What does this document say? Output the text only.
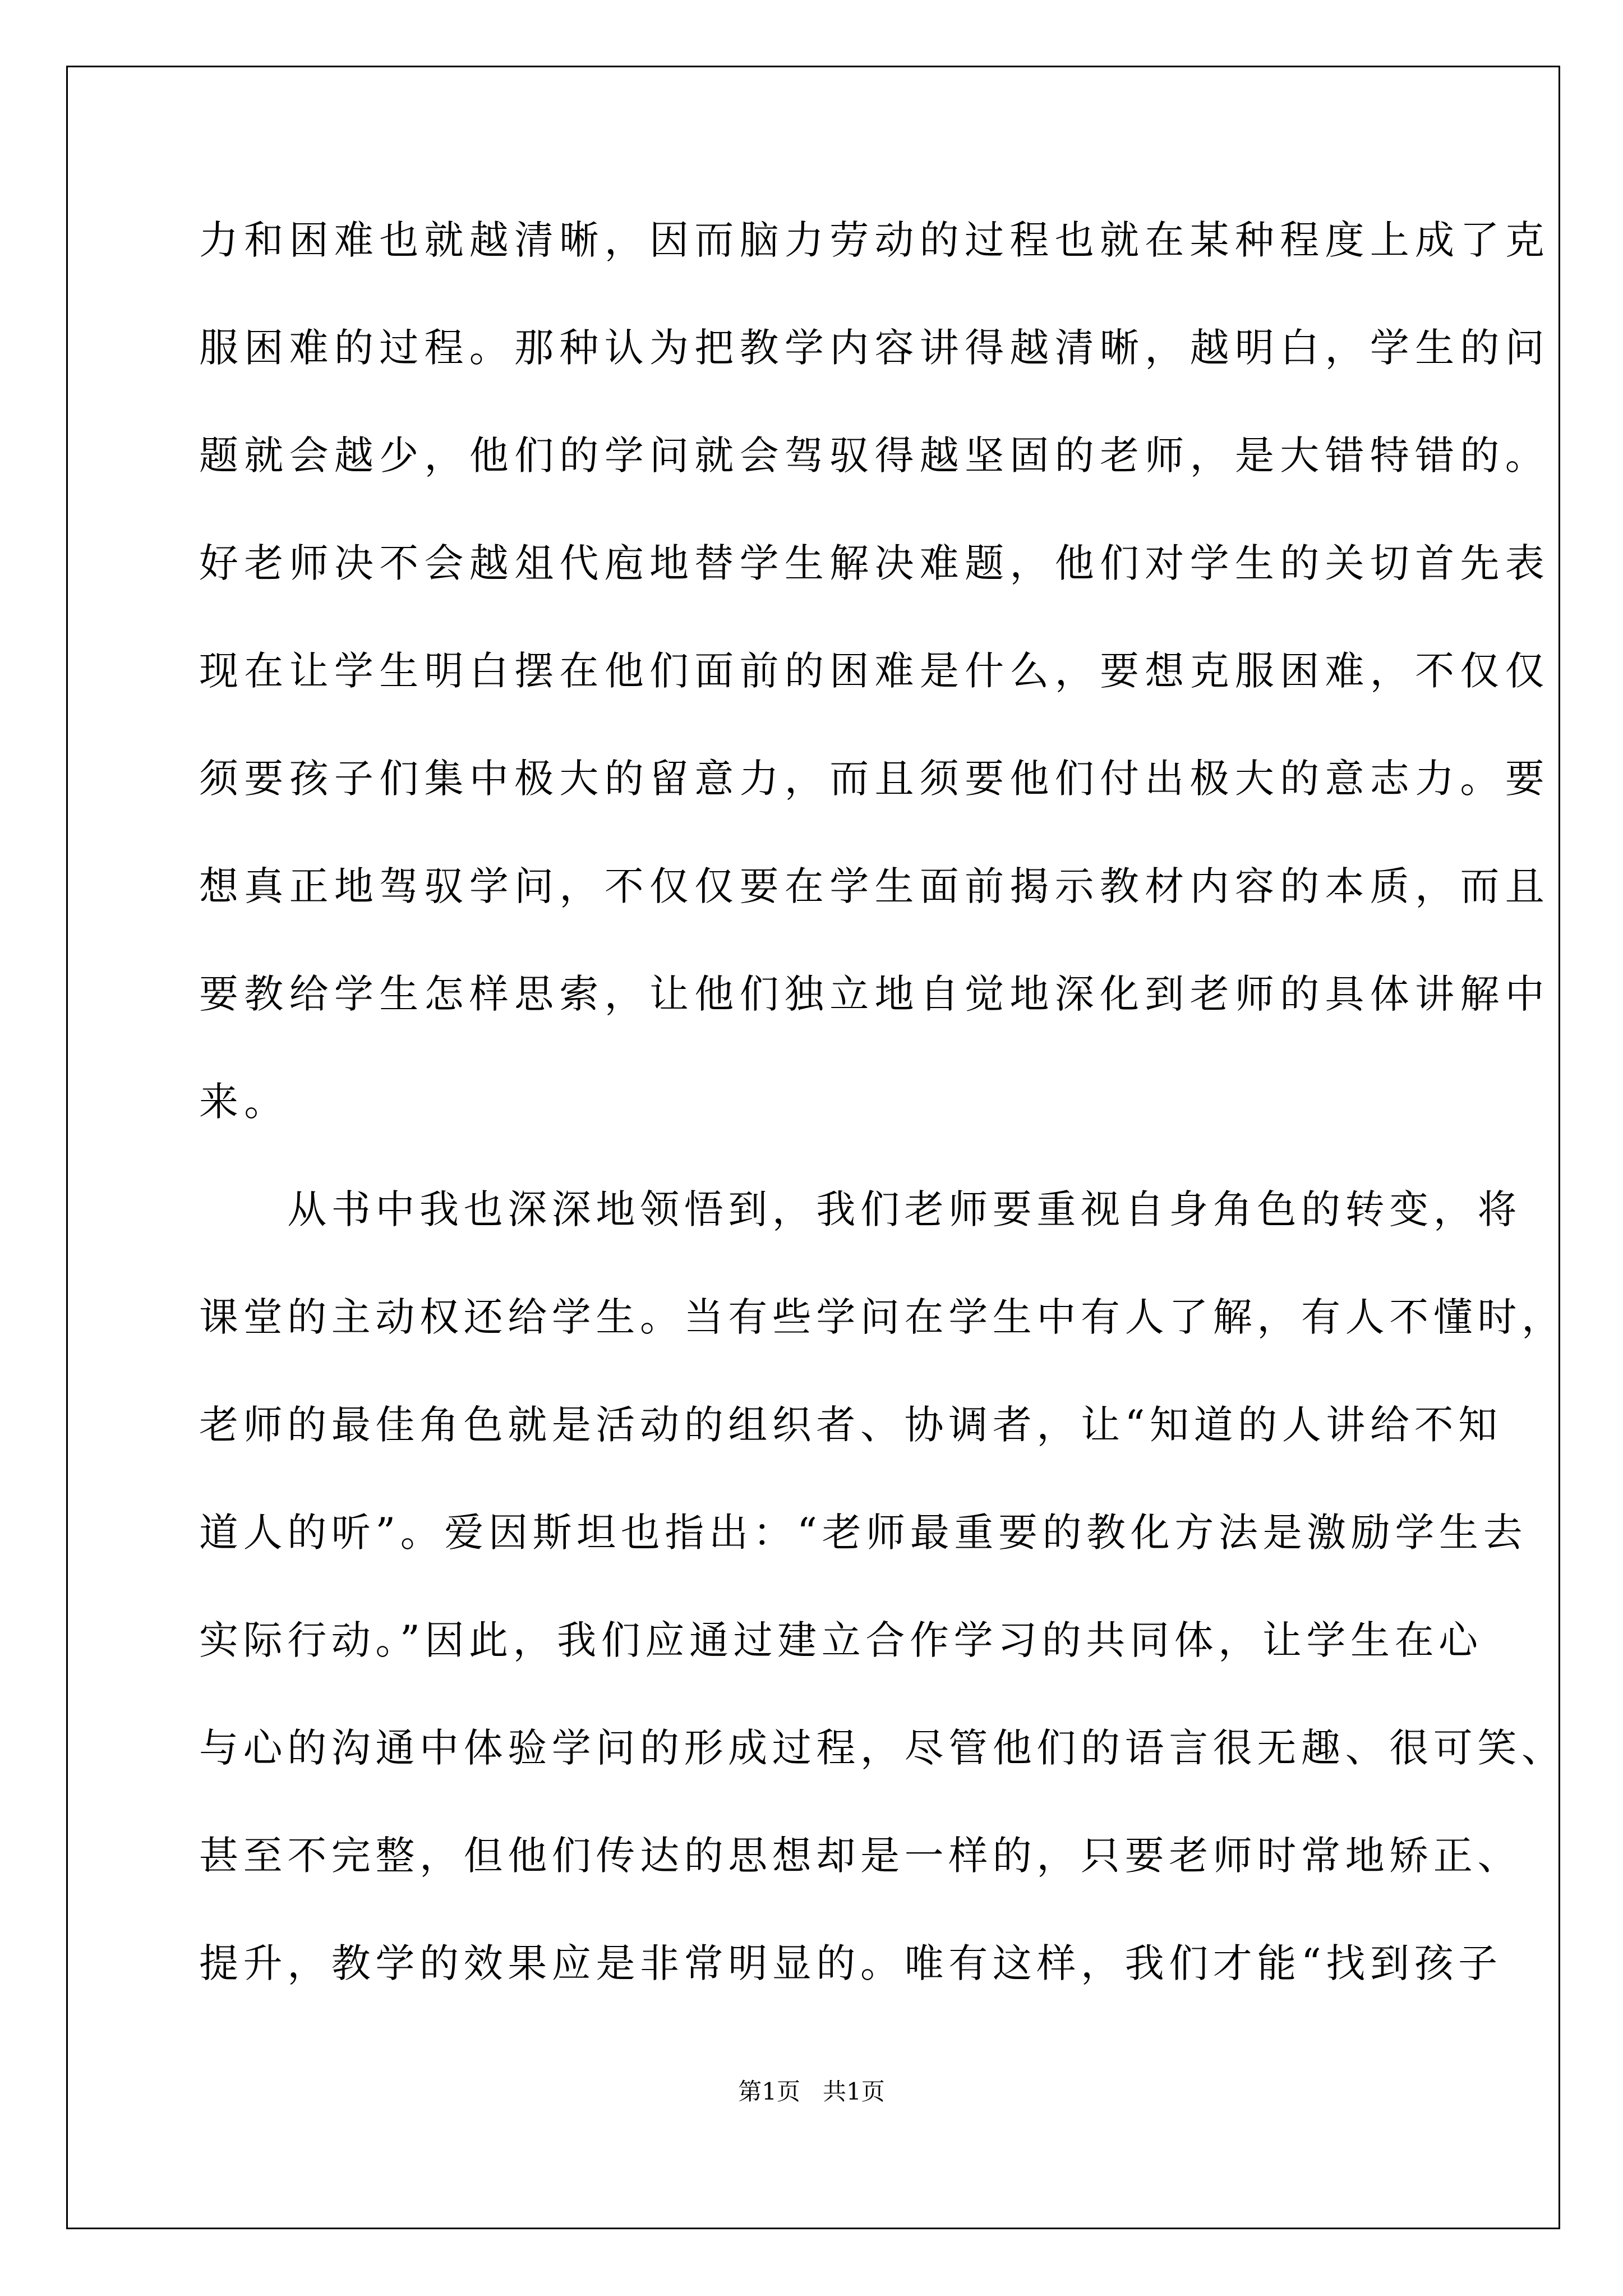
力和困难也就越清晰，因而脑力劳动的过程也就在某种程度上成了克
服困难的过程。那种认为把教学内容讲得越清晰，越明白，学生的问
题就会越少，他们的学问就会驾驭得越坚固的老师，是大错特错的。
好老师决不会越俎代庖地替学生解决难题，他们对学生的关切首先表
现在让学生明白摆在他们面前的困难是什么，要想克服困难，不仅仅
须要孩子们集中极大的留意力，而且须要他们付出极大的意志力。要
想真正地驾驭学问，不仅仅要在学生面前揭示教材内容的本质，而且
要教给学生怎样思索，让他们独立地自觉地深化到老师的具体讲解中
来。
　　从书中我也深深地领悟到，我们老师要重视自身角色的转变，将
课堂的主动权还给学生。当有些学问在学生中有人了解，有人不懂时，
老师的最佳角色就是活动的组织者、协调者，让“知道的人讲给不知
道人的听”。爱因斯坦也指出：“老师最重要的教化方法是激励学生去
实际行动。”因此，我们应通过建立合作学习的共同体，让学生在心
与心的沟通中体验学问的形成过程，尽管他们的语言很无趣、很可笑、
甚至不完整，但他们传达的思想却是一样的，只要老师时常地矫正、
提升，教学的效果应是非常明显的。唯有这样，我们才能“找到孩子
第1页   共1页
